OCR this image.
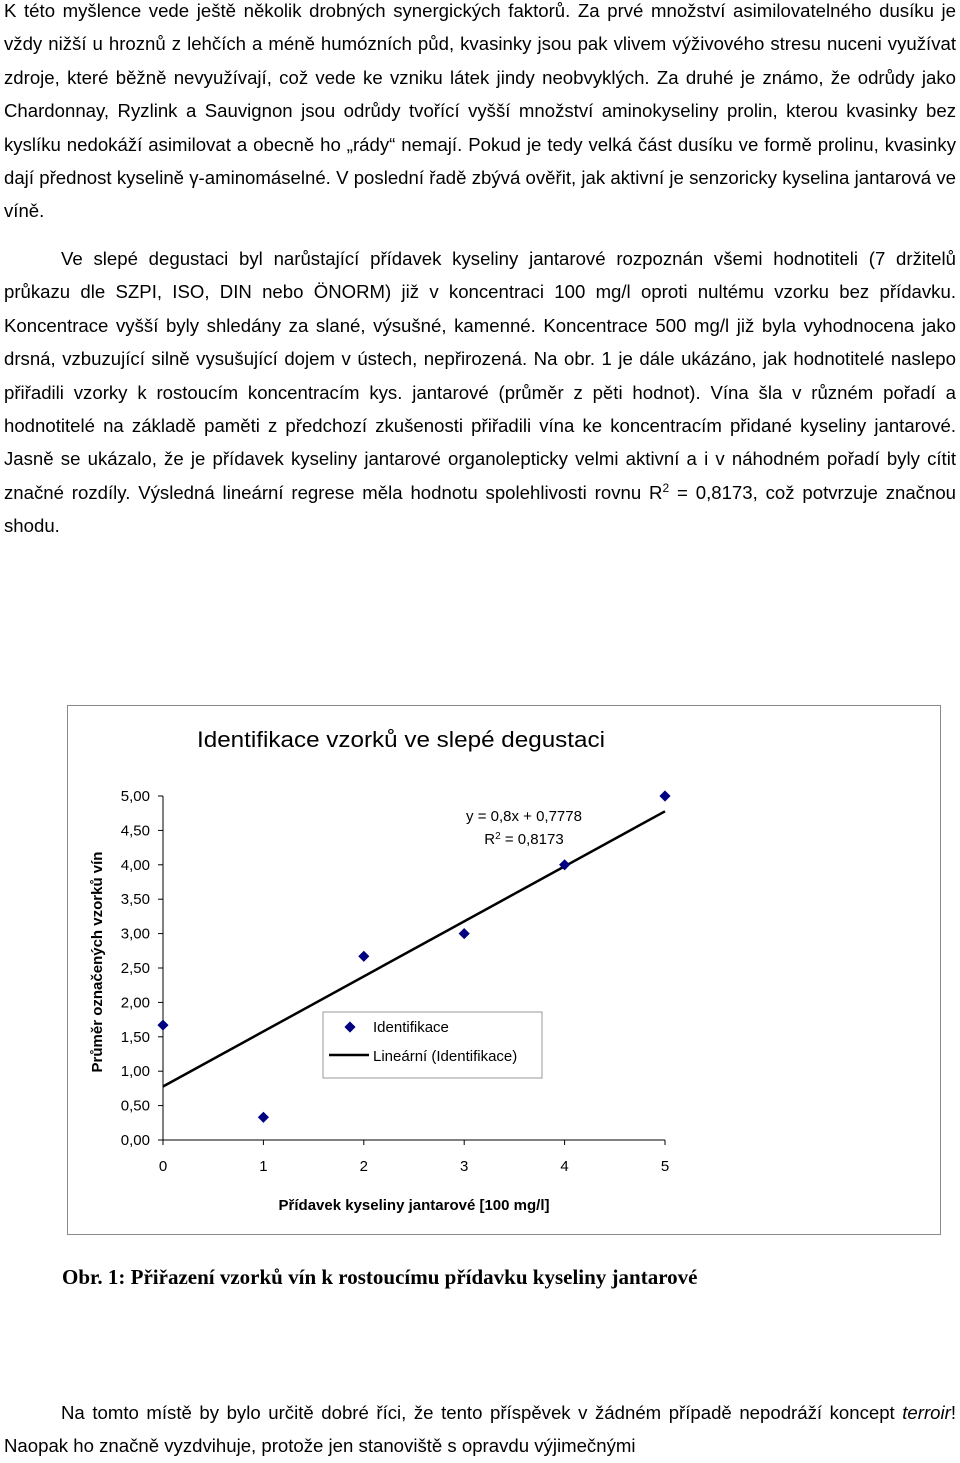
K této myšlence vede ještě několik drobných synergických faktorů. Za prvé množství asimilovatelného dusíku je vždy nižší u hroznů z lehčích a méně humózních půd, kvasinky jsou pak vlivem výživového stresu nuceni využívat zdroje, které běžně nevyužívají, což vede ke vzniku látek jindy neobvyklých. Za druhé je známo, že odrůdy jako Chardonnay, Ryzlink a Sauvignon jsou odrůdy tvořící vyšší množství aminokyseliny prolin, kterou kvasinky bez kyslíku nedokáží asimilovat a obecně ho „rády“ nemají. Pokud je tedy velká část dusíku ve formě prolinu, kvasinky dají přednost kyselině γ-aminomáselné. V poslední řadě zbývá ověřit, jak aktivní je senzoricky kyselina jantarová ve víně.

Ve slepé degustaci byl narůstající přídavek kyseliny jantarové rozpoznán všemi hodnotiteli (7 držitelů průkazu dle SZPI, ISO, DIN nebo ÖNORM) již v koncentraci 100 mg/l oproti nultému vzorku bez přídavku. Koncentrace vyšší byly shledány za slané, výsušné, kamenné. Koncentrace 500 mg/l již byla vyhodnocena jako drsná, vzbuzující silně vysušující dojem v ústech, nepřirozená. Na obr. 1 je dále ukázáno, jak hodnotitelé naslepo přiřadili vzorky k rostoucím koncentracím kys. jantarové (průměr z pěti hodnot). Vína šla v různém pořadí a hodnotitelé na základě paměti z předchozí zkušenosti přiřadili vína ke koncentracím přidané kyseliny jantarové. Jasně se ukázalo, že je přídavek kyseliny jantarové organolepticky velmi aktivní a i v náhodném pořadí byly cítit značné rozdíly. Výsledná lineární regrese měla hodnotu spolehlivosti rovnu $R^2 = 0,8173$, což potvrzuje značnou shodu.

Identifikace vzorků ve slepé degustaci
0,00
0,50
1,00
1,50
2,00
2,50
3,00
3,50
4,00
4,50
5,00
0	1	2	3	4	5
Přídavek kyseliny jantarové [100 mg/l]
Průměr označených vzorků vín
y = 0,8x + 0,7778
$R^2 = 0,8173$
Identifikace
Lineární (Identifikace)
Obr. 1: Přiřazení vzorků vín k rostoucímu přídavku kyseliny jantarové

Na tomto místě by bylo určitě dobré říci, že tento příspěvek v žádném případě nepodráží koncept terroir! Naopak ho značně vyzdvihuje, protože jen stanoviště s opravdu výjimečnými
